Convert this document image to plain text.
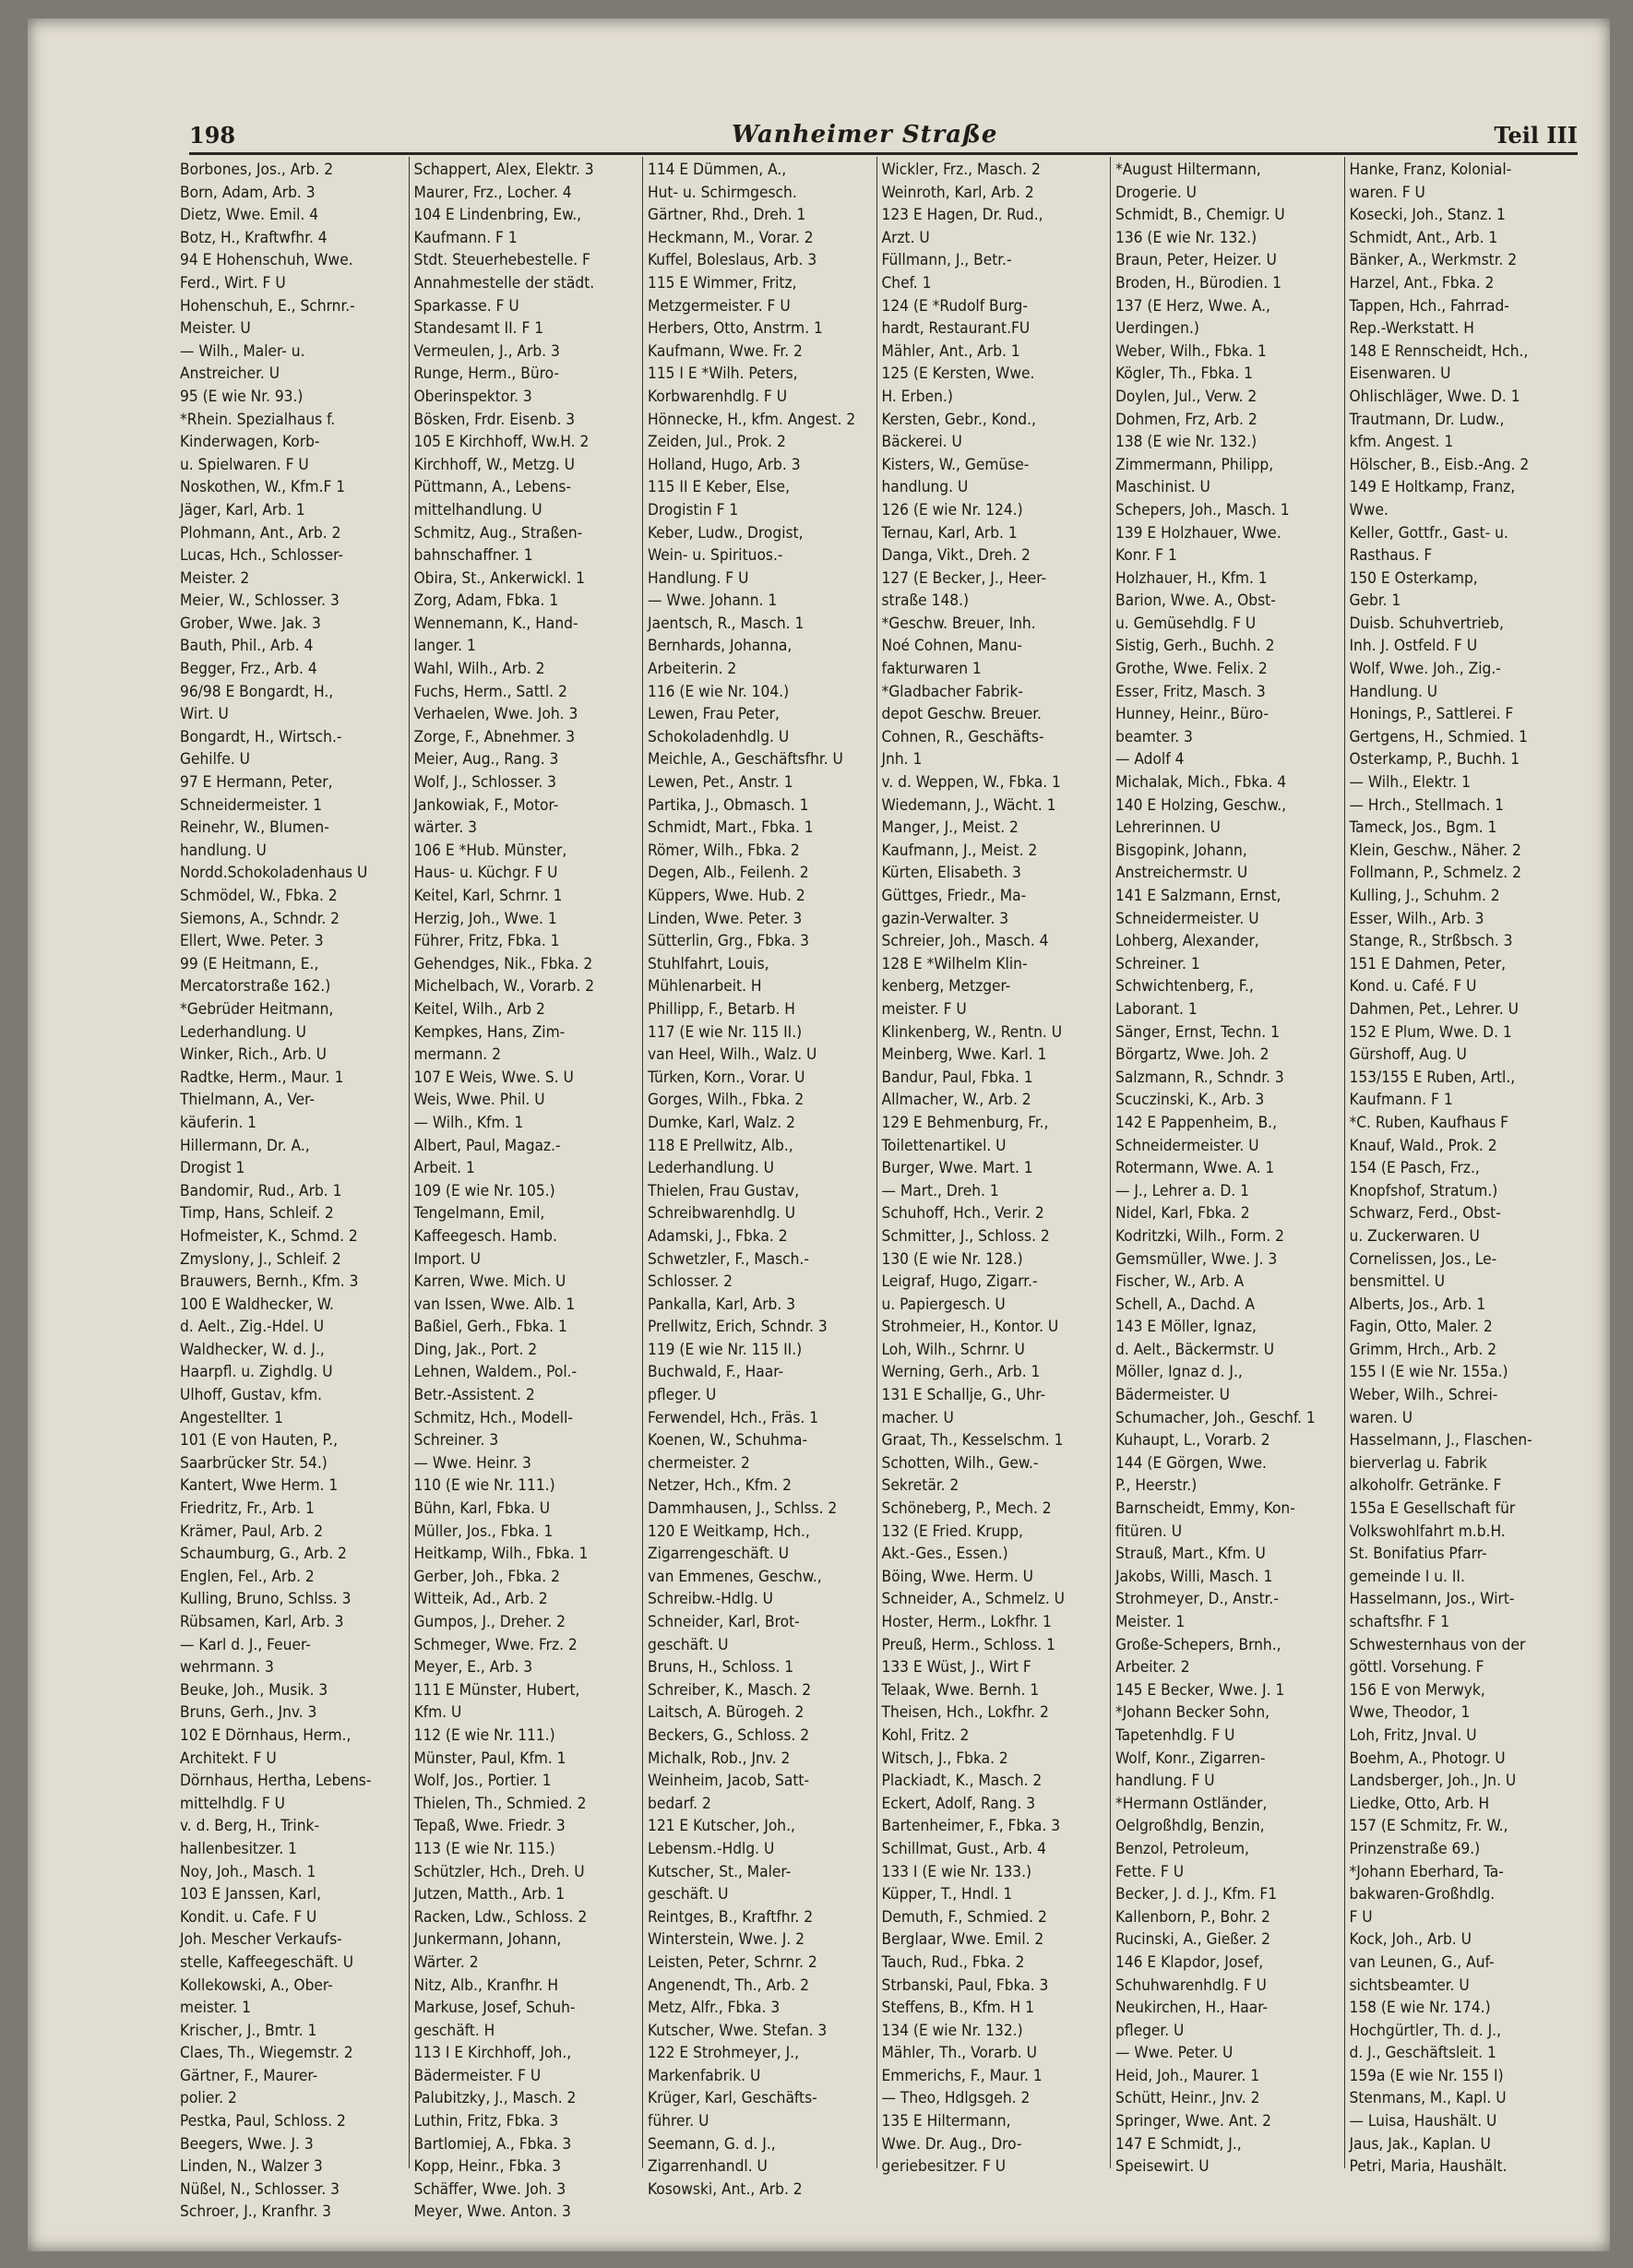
198	Wanheimer Straße	Teil III
Borbones, Jos., Arb. 2
Born, Adam, Arb. 3
Dietz, Wwe. Emil. 4
Botz, H., Kraftwfhr. 4
94 E Hohenschuh, Wwe.
Ferd., Wirt. F U
Hohenschuh, E., Schrnr.-
Meister. U
— Wilh., Maler- u.
Anstreicher. U
95 (E wie Nr. 93.)
*Rhein. Spezialhaus f.
Kinderwagen, Korb-
u. Spielwaren. F U
Noskothen, W., Kfm.F 1
Jäger, Karl, Arb. 1
Plohmann, Ant., Arb. 2
Lucas, Hch., Schlosser-
Meister. 2
Meier, W., Schlosser. 3
Grober, Wwe. Jak. 3
Bauth, Phil., Arb. 4
Begger, Frz., Arb. 4
96/98 E Bongardt, H.,
Wirt. U
Bongardt, H., Wirtsch.-
Gehilfe. U
97 E Hermann, Peter,
Schneidermeister. 1
Reinehr, W., Blumen-
handlung. U
Nordd.Schokoladenhaus U
Schmödel, W., Fbka. 2
Siemons, A., Schndr. 2
Ellert, Wwe. Peter. 3
99 (E Heitmann, E.,
Mercatorstraße 162.)
*Gebrüder Heitmann,
Lederhandlung. U
Winker, Rich., Arb. U
Radtke, Herm., Maur. 1
Thielmann, A., Ver-
käuferin. 1
Hillermann, Dr. A.,
Drogist 1
Bandomir, Rud., Arb. 1
Timp, Hans, Schleif. 2
Hofmeister, K., Schmd. 2
Zmyslony, J., Schleif. 2
Brauwers, Bernh., Kfm. 3
100 E Waldhecker, W.
d. Aelt., Zig.-Hdel. U
Waldhecker, W. d. J.,
Haarpfl. u. Zighdlg. U
Ulhoff, Gustav, kfm.
Angestellter. 1
101 (E von Hauten, P.,
Saarbrücker Str. 54.)
Kantert, Wwe Herm. 1
Friedritz, Fr., Arb. 1
Krämer, Paul, Arb. 2
Schaumburg, G., Arb. 2
Englen, Fel., Arb. 2
Kulling, Bruno, Schlss. 3
Rübsamen, Karl, Arb. 3
— Karl d. J., Feuer-
wehrmann. 3
Beuke, Joh., Musik. 3
Bruns, Gerh., Jnv. 3
102 E Dörnhaus, Herm.,
Architekt. F U
Dörnhaus, Hertha, Lebens-
mittelhdlg. F U
v. d. Berg, H., Trink-
hallenbesitzer. 1
Noy, Joh., Masch. 1
103 E Janssen, Karl,
Kondit. u. Cafe. F U
Joh. Mescher Verkaufs-
stelle, Kaffeegeschäft. U
Kollekowski, A., Ober-
meister. 1
Krischer, J., Bmtr. 1
Claes, Th., Wiegemstr. 2
Gärtner, F., Maurer-
polier. 2
Pestka, Paul, Schloss. 2
Beegers, Wwe. J. 3
Linden, N., Walzer 3
Nüßel, N., Schlosser. 3
Schroer, J., Kranfhr. 3
Schappert, Alex, Elektr. 3
Maurer, Frz., Locher. 4
104 E Lindenbring, Ew.,
Kaufmann. F 1
Stdt. Steuerhebestelle. F
Annahmestelle der städt.
Sparkasse. F U
Standesamt II. F 1
Vermeulen, J., Arb. 3
Runge, Herm., Büro-
Oberinspektor. 3
Bösken, Frdr. Eisenb. 3
105 E Kirchhoff, Ww.H. 2
Kirchhoff, W., Metzg. U
Püttmann, A., Lebens-
mittelhandlung. U
Schmitz, Aug., Straßen-
bahnschaffner. 1
Obira, St., Ankerwickl. 1
Zorg, Adam, Fbka. 1
Wennemann, K., Hand-
langer. 1
Wahl, Wilh., Arb. 2
Fuchs, Herm., Sattl. 2
Verhaelen, Wwe. Joh. 3
Zorge, F., Abnehmer. 3
Meier, Aug., Rang. 3
Wolf, J., Schlosser. 3
Jankowiak, F., Motor-
wärter. 3
106 E *Hub. Münster,
Haus- u. Küchgr. F U
Keitel, Karl, Schrnr. 1
Herzig, Joh., Wwe. 1
Führer, Fritz, Fbka. 1
Gehendges, Nik., Fbka. 2
Michelbach, W., Vorarb. 2
Keitel, Wilh., Arb 2
Kempkes, Hans, Zim-
mermann. 2
107 E Weis, Wwe. S. U
Weis, Wwe. Phil. U
— Wilh., Kfm. 1
Albert, Paul, Magaz.-
Arbeit. 1
109 (E wie Nr. 105.)
Tengelmann, Emil,
Kaffeegesch. Hamb.
Import. U
Karren, Wwe. Mich. U
van Issen, Wwe. Alb. 1
Baßiel, Gerh., Fbka. 1
Ding, Jak., Port. 2
Lehnen, Waldem., Pol.-
Betr.-Assistent. 2
Schmitz, Hch., Modell-
Schreiner. 3
— Wwe. Heinr. 3
110 (E wie Nr. 111.)
Bühn, Karl, Fbka. U
Müller, Jos., Fbka. 1
Heitkamp, Wilh., Fbka. 1
Gerber, Joh., Fbka. 2
Witteik, Ad., Arb. 2
Gumpos, J., Dreher. 2
Schmeger, Wwe. Frz. 2
Meyer, E., Arb. 3
111 E Münster, Hubert,
Kfm. U
112 (E wie Nr. 111.)
Münster, Paul, Kfm. 1
Wolf, Jos., Portier. 1
Thielen, Th., Schmied. 2
Tepaß, Wwe. Friedr. 3
113 (E wie Nr. 115.)
Schützler, Hch., Dreh. U
Jutzen, Matth., Arb. 1
Racken, Ldw., Schloss. 2
Junkermann, Johann,
Wärter. 2
Nitz, Alb., Kranfhr. H
Markuse, Josef, Schuh-
geschäft. H
113 I E Kirchhoff, Joh.,
Bädermeister. F U
Palubitzky, J., Masch. 2
Luthin, Fritz, Fbka. 3
Bartlomiej, A., Fbka. 3
Kopp, Heinr., Fbka. 3
Schäffer, Wwe. Joh. 3
Meyer, Wwe. Anton. 3
114 E Dümmen, A.,
Hut- u. Schirmgesch.
Gärtner, Rhd., Dreh. 1
Heckmann, M., Vorar. 2
Kuffel, Boleslaus, Arb. 3
115 E Wimmer, Fritz,
Metzgermeister. F U
Herbers, Otto, Anstrm. 1
Kaufmann, Wwe. Fr. 2
115 I E *Wilh. Peters,
Korbwarenhdlg. F U
Hönnecke, H., kfm. Angest. 2
Zeiden, Jul., Prok. 2
Holland, Hugo, Arb. 3
115 II E Keber, Else,
Drogistin F 1
Keber, Ludw., Drogist,
Wein- u. Spirituos.-
Handlung. F U
— Wwe. Johann. 1
Jaentsch, R., Masch. 1
Bernhards, Johanna,
Arbeiterin. 2
116 (E wie Nr. 104.)
Lewen, Frau Peter,
Schokoladenhdlg. U
Meichle, A., Geschäftsfhr. U
Lewen, Pet., Anstr. 1
Partika, J., Obmasch. 1
Schmidt, Mart., Fbka. 1
Römer, Wilh., Fbka. 2
Degen, Alb., Feilenh. 2
Küppers, Wwe. Hub. 2
Linden, Wwe. Peter. 3
Sütterlin, Grg., Fbka. 3
Stuhlfahrt, Louis,
Mühlenarbeit. H
Phillipp, F., Betarb. H
117 (E wie Nr. 115 II.)
van Heel, Wilh., Walz. U
Türken, Korn., Vorar. U
Gorges, Wilh., Fbka. 2
Dumke, Karl, Walz. 2
118 E Prellwitz, Alb.,
Lederhandlung. U
Thielen, Frau Gustav,
Schreibwarenhdlg. U
Adamski, J., Fbka. 2
Schwetzler, F., Masch.-
Schlosser. 2
Pankalla, Karl, Arb. 3
Prellwitz, Erich, Schndr. 3
119 (E wie Nr. 115 II.)
Buchwald, F., Haar-
pfleger. U
Ferwendel, Hch., Fräs. 1
Koenen, W., Schuhma-
chermeister. 2
Netzer, Hch., Kfm. 2
Dammhausen, J., Schlss. 2
120 E Weitkamp, Hch.,
Zigarrengeschäft. U
van Emmenes, Geschw.,
Schreibw.-Hdlg. U
Schneider, Karl, Brot-
geschäft. U
Bruns, H., Schloss. 1
Schreiber, K., Masch. 2
Laitsch, A. Bürogeh. 2
Beckers, G., Schloss. 2
Michalk, Rob., Jnv. 2
Weinheim, Jacob, Satt-
bedarf. 2
121 E Kutscher, Joh.,
Lebensm.-Hdlg. U
Kutscher, St., Maler-
geschäft. U
Reintges, B., Kraftfhr. 2
Winterstein, Wwe. J. 2
Leisten, Peter, Schrnr. 2
Angenendt, Th., Arb. 2
Metz, Alfr., Fbka. 3
Kutscher, Wwe. Stefan. 3
122 E Strohmeyer, J.,
Markenfabrik. U
Krüger, Karl, Geschäfts-
führer. U
Seemann, G. d. J.,
Zigarrenhandl. U
Kosowski, Ant., Arb. 2
Wickler, Frz., Masch. 2
Weinroth, Karl, Arb. 2
123 E Hagen, Dr. Rud.,
Arzt. U
Füllmann, J., Betr.-
Chef. 1
124 (E *Rudolf Burg-
hardt, Restaurant.FU
Mähler, Ant., Arb. 1
125 (E Kersten, Wwe.
H. Erben.)
Kersten, Gebr., Kond.,
Bäckerei. U
Kisters, W., Gemüse-
handlung. U
126 (E wie Nr. 124.)
Ternau, Karl, Arb. 1
Danga, Vikt., Dreh. 2
127 (E Becker, J., Heer-
straße 148.)
*Geschw. Breuer, Inh.
Noé Cohnen, Manu-
fakturwaren 1
*Gladbacher Fabrik-
depot Geschw. Breuer.
Cohnen, R., Geschäfts-
Jnh. 1
v. d. Weppen, W., Fbka. 1
Wiedemann, J., Wächt. 1
Manger, J., Meist. 2
Kaufmann, J., Meist. 2
Kürten, Elisabeth. 3
Güttges, Friedr., Ma-
gazin-Verwalter. 3
Schreier, Joh., Masch. 4
128 E *Wilhelm Klin-
kenberg, Metzger-
meister. F U
Klinkenberg, W., Rentn. U
Meinberg, Wwe. Karl. 1
Bandur, Paul, Fbka. 1
Allmacher, W., Arb. 2
129 E Behmenburg, Fr.,
Toilettenartikel. U
Burger, Wwe. Mart. 1
— Mart., Dreh. 1
Schuhoff, Hch., Verir. 2
Schmitter, J., Schloss. 2
130 (E wie Nr. 128.)
Leigraf, Hugo, Zigarr.-
u. Papiergesch. U
Strohmeier, H., Kontor. U
Loh, Wilh., Schrnr. U
Werning, Gerh., Arb. 1
131 E Schallje, G., Uhr-
macher. U
Graat, Th., Kesselschm. 1
Schotten, Wilh., Gew.-
Sekretär. 2
Schöneberg, P., Mech. 2
132 (E Fried. Krupp,
Akt.-Ges., Essen.)
Böing, Wwe. Herm. U
Schneider, A., Schmelz. U
Hoster, Herm., Lokfhr. 1
Preuß, Herm., Schloss. 1
133 E Wüst, J., Wirt F
Telaak, Wwe. Bernh. 1
Theisen, Hch., Lokfhr. 2
Kohl, Fritz. 2
Witsch, J., Fbka. 2
Plackiadt, K., Masch. 2
Eckert, Adolf, Rang. 3
Bartenheimer, F., Fbka. 3
Schillmat, Gust., Arb. 4
133 I (E wie Nr. 133.)
Küpper, T., Hndl. 1
Demuth, F., Schmied. 2
Berglaar, Wwe. Emil. 2
Tauch, Rud., Fbka. 2
Strbanski, Paul, Fbka. 3
Steffens, B., Kfm. H 1
134 (E wie Nr. 132.)
Mähler, Th., Vorarb. U
Emmerichs, F., Maur. 1
— Theo, Hdlgsgeh. 2
135 E Hiltermann,
Wwe. Dr. Aug., Dro-
geriebesitzer. F U
*August Hiltermann,
Drogerie. U
Schmidt, B., Chemigr. U
136 (E wie Nr. 132.)
Braun, Peter, Heizer. U
Broden, H., Bürodien. 1
137 (E Herz, Wwe. A.,
Uerdingen.)
Weber, Wilh., Fbka. 1
Kögler, Th., Fbka. 1
Doylen, Jul., Verw. 2
Dohmen, Frz, Arb. 2
138 (E wie Nr. 132.)
Zimmermann, Philipp,
Maschinist. U
Schepers, Joh., Masch. 1
139 E Holzhauer, Wwe.
Konr. F 1
Holzhauer, H., Kfm. 1
Barion, Wwe. A., Obst-
u. Gemüsehdlg. F U
Sistig, Gerh., Buchh. 2
Grothe, Wwe. Felix. 2
Esser, Fritz, Masch. 3
Hunney, Heinr., Büro-
beamter. 3
— Adolf 4
Michalak, Mich., Fbka. 4
140 E Holzing, Geschw.,
Lehrerinnen. U
Bisgopink, Johann,
Anstreichermstr. U
141 E Salzmann, Ernst,
Schneidermeister. U
Lohberg, Alexander,
Schreiner. 1
Schwichtenberg, F.,
Laborant. 1
Sänger, Ernst, Techn. 1
Börgartz, Wwe. Joh. 2
Salzmann, R., Schndr. 3
Scuczinski, K., Arb. 3
142 E Pappenheim, B.,
Schneidermeister. U
Rotermann, Wwe. A. 1
— J., Lehrer a. D. 1
Nidel, Karl, Fbka. 2
Kodritzki, Wilh., Form. 2
Gemsmüller, Wwe. J. 3
Fischer, W., Arb. A
Schell, A., Dachd. A
143 E Möller, Ignaz,
d. Aelt., Bäckermstr. U
Möller, Ignaz d. J.,
Bädermeister. U
Schumacher, Joh., Geschf. 1
Kuhaupt, L., Vorarb. 2
144 (E Görgen, Wwe.
P., Heerstr.)
Barnscheidt, Emmy, Kon-
fitüren. U
Strauß, Mart., Kfm. U
Jakobs, Willi, Masch. 1
Strohmeyer, D., Anstr.-
Meister. 1
Große-Schepers, Brnh.,
Arbeiter. 2
145 E Becker, Wwe. J. 1
*Johann Becker Sohn,
Tapetenhdlg. F U
Wolf, Konr., Zigarren-
handlung. F U
*Hermann Ostländer,
Oelgroßhdlg, Benzin,
Benzol, Petroleum,
Fette. F U
Becker, J. d. J., Kfm. F1
Kallenborn, P., Bohr. 2
Rucinski, A., Gießer. 2
146 E Klapdor, Josef,
Schuhwarenhdlg. F U
Neukirchen, H., Haar-
pfleger. U
— Wwe. Peter. U
Heid, Joh., Maurer. 1
Schütt, Heinr., Jnv. 2
Springer, Wwe. Ant. 2
147 E Schmidt, J.,
Speisewirt. U
Hanke, Franz, Kolonial-
waren. F U
Kosecki, Joh., Stanz. 1
Schmidt, Ant., Arb. 1
Bänker, A., Werkmstr. 2
Harzel, Ant., Fbka. 2
Tappen, Hch., Fahrrad-
Rep.-Werkstatt. H
148 E Rennscheidt, Hch.,
Eisenwaren. U
Ohlischläger, Wwe. D. 1
Trautmann, Dr. Ludw.,
kfm. Angest. 1
Hölscher, B., Eisb.-Ang. 2
149 E Holtkamp, Franz,
Wwe.
Keller, Gottfr., Gast- u.
Rasthaus. F
150 E Osterkamp,
Gebr. 1
Duisb. Schuhvertrieb,
Inh. J. Ostfeld. F U
Wolf, Wwe. Joh., Zig.-
Handlung. U
Honings, P., Sattlerei. F
Gertgens, H., Schmied. 1
Osterkamp, P., Buchh. 1
— Wilh., Elektr. 1
— Hrch., Stellmach. 1
Tameck, Jos., Bgm. 1
Klein, Geschw., Näher. 2
Follmann, P., Schmelz. 2
Kulling, J., Schuhm. 2
Esser, Wilh., Arb. 3
Stange, R., Strßbsch. 3
151 E Dahmen, Peter,
Kond. u. Café. F U
Dahmen, Pet., Lehrer. U
152 E Plum, Wwe. D. 1
Gürshoff, Aug. U
153/155 E Ruben, Artl.,
Kaufmann. F 1
*C. Ruben, Kaufhaus F
Knauf, Wald., Prok. 2
154 (E Pasch, Frz.,
Knopfshof, Stratum.)
Schwarz, Ferd., Obst-
u. Zuckerwaren. U
Cornelissen, Jos., Le-
bensmittel. U
Alberts, Jos., Arb. 1
Fagin, Otto, Maler. 2
Grimm, Hrch., Arb. 2
155 I (E wie Nr. 155a.)
Weber, Wilh., Schrei-
waren. U
Hasselmann, J., Flaschen-
bierverlag u. Fabrik
alkoholfr. Getränke. F
155a E Gesellschaft für
Volkswohlfahrt m.b.H.
St. Bonifatius Pfarr-
gemeinde I u. II.
Hasselmann, Jos., Wirt-
schaftsfhr. F 1
Schwesternhaus von der
göttl. Vorsehung. F
156 E von Merwyk,
Wwe, Theodor, 1
Loh, Fritz, Jnval. U
Boehm, A., Photogr. U
Landsberger, Joh., Jn. U
Liedke, Otto, Arb. H
157 (E Schmitz, Fr. W.,
Prinzenstraße 69.)
*Johann Eberhard, Ta-
bakwaren-Großhdlg.
F U
Kock, Joh., Arb. U
van Leunen, G., Auf-
sichtsbeamter. U
158 (E wie Nr. 174.)
Hochgürtler, Th. d. J.,
d. J., Geschäftsleit. 1
159a (E wie Nr. 155 I)
Stenmans, M., Kapl. U
— Luisa, Haushält. U
Jaus, Jak., Kaplan. U
Petri, Maria, Haushält.
